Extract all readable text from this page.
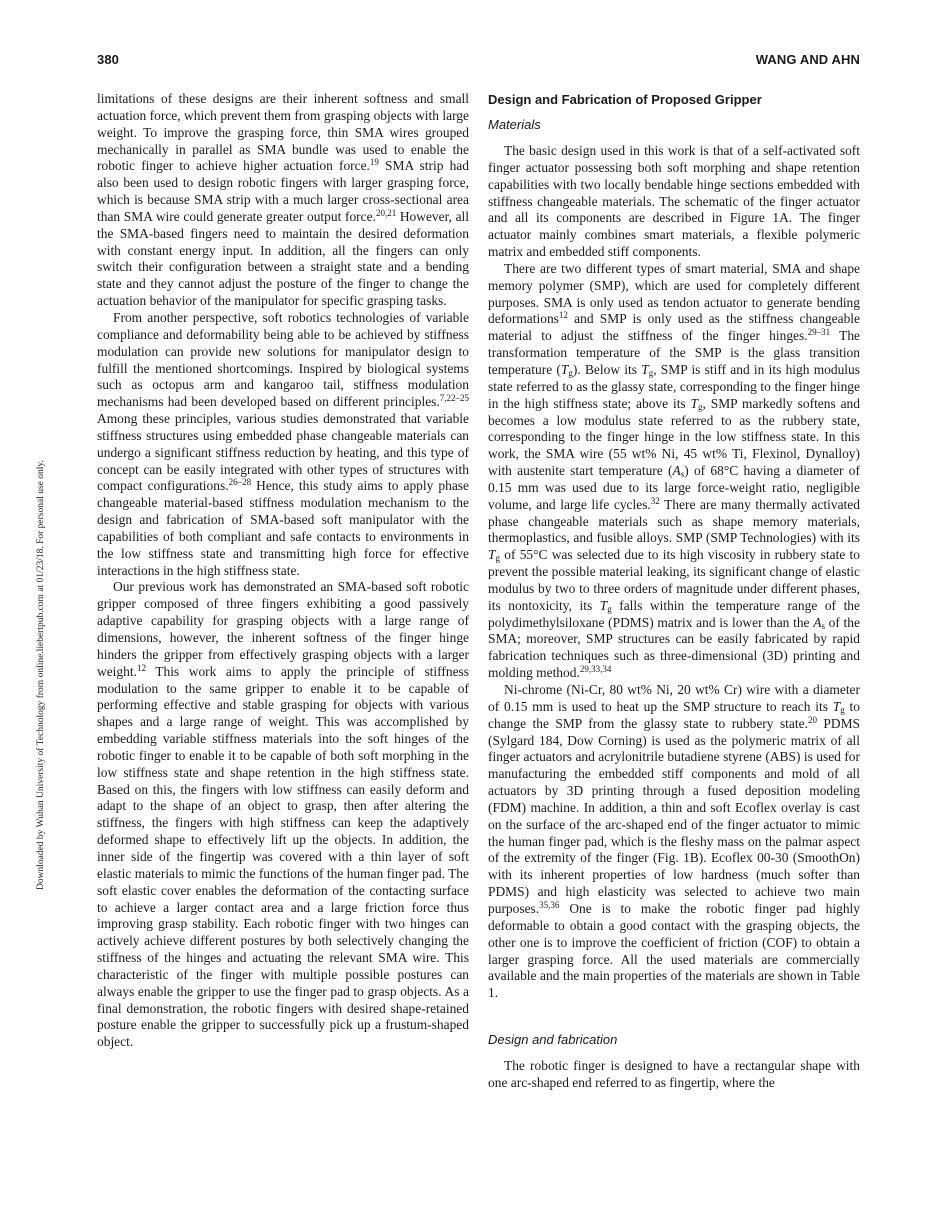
380	WANG AND AHN
Downloaded by Wuhan University of Technology from online.liebertpub.com at 01/23/18. For personal use only.

limitations of these designs are their inherent softness and small actuation force, which prevent them from grasping objects with large weight. To improve the grasping force, thin SMA wires grouped mechanically in parallel as SMA bundle was used to enable the robotic finger to achieve higher actuation force.$^{19}$ SMA strip had also been used to design robotic fingers with larger grasping force, which is because SMA strip with a much larger cross-sectional area than SMA wire could generate greater output force.$^{20,21}$ However, all the SMA-based fingers need to maintain the desired deformation with constant energy input. In addition, all the fingers can only switch their configuration between a straight state and a bending state and they cannot adjust the posture of the finger to change the actuation behavior of the manipulator for specific grasping tasks.

From another perspective, soft robotics technologies of variable compliance and deformability being able to be achieved by stiffness modulation can provide new solutions for manipulator design to fulfill the mentioned shortcomings. Inspired by biological systems such as octopus arm and kangaroo tail, stiffness modulation mechanisms had been developed based on different principles.$^{7,22-25}$ Among these principles, various studies demonstrated that variable stiffness structures using embedded phase changeable materials can undergo a significant stiffness reduction by heating, and this type of concept can be easily integrated with other types of structures with compact configurations.$^{26-28}$ Hence, this study aims to apply phase changeable material-based stiffness modulation mechanism to the design and fabrication of SMA-based soft manipulator with the capabilities of both compliant and safe contacts to environments in the low stiffness state and transmitting high force for effective interactions in the high stiffness state.

Our previous work has demonstrated an SMA-based soft robotic gripper composed of three fingers exhibiting a good passively adaptive capability for grasping objects with a large range of dimensions, however, the inherent softness of the finger hinge hinders the gripper from effectively grasping objects with a larger weight.$^{12}$ This work aims to apply the principle of stiffness modulation to the same gripper to enable it to be capable of performing effective and stable grasping for objects with various shapes and a large range of weight. This was accomplished by embedding variable stiffness materials into the soft hinges of the robotic finger to enable it to be capable of both soft morphing in the low stiffness state and shape retention in the high stiffness state. Based on this, the fingers with low stiffness can easily deform and adapt to the shape of an object to grasp, then after altering the stiffness, the fingers with high stiffness can keep the adaptively deformed shape to effectively lift up the objects. In addition, the inner side of the fingertip was covered with a thin layer of soft elastic materials to mimic the functions of the human finger pad. The soft elastic cover enables the deformation of the contacting surface to achieve a larger contact area and a large friction force thus improving grasp stability. Each robotic finger with two hinges can actively achieve different postures by both selectively changing the stiffness of the hinges and actuating the relevant SMA wire. This characteristic of the finger with multiple possible postures can always enable the gripper to use the finger pad to grasp objects. As a final demonstration, the robotic fingers with desired shape-retained posture enable the gripper to successfully pick up a frustum-shaped object.

Design and Fabrication of Proposed Gripper
Materials

The basic design used in this work is that of a self-activated soft finger actuator possessing both soft morphing and shape retention capabilities with two locally bendable hinge sections embedded with stiffness changeable materials. The schematic of the finger actuator and all its components are described in Figure 1A. The finger actuator mainly combines smart materials, a flexible polymeric matrix and embedded stiff components.

There are two different types of smart material, SMA and shape memory polymer (SMP), which are used for completely different purposes. SMA is only used as tendon actuator to generate bending deformations$^{12}$ and SMP is only used as the stiffness changeable material to adjust the stiffness of the finger hinges.$^{29-31}$ The transformation temperature of the SMP is the glass transition temperature $(T_g)$. Below its $T_g$, SMP is stiff and in its high modulus state referred to as the glassy state, corresponding to the finger hinge in the high stiffness state; above its $T_g$, SMP markedly softens and becomes a low modulus state referred to as the rubbery state, corresponding to the finger hinge in the low stiffness state. In this work, the SMA wire (55 wt% Ni, 45 wt% Ti, Flexinol, Dynalloy) with austenite start temperature $(A_s)$ of 68°C having a diameter of 0.15 mm was used due to its large force-weight ratio, negligible volume, and large life cycles.$^{32}$ There are many thermally activated phase changeable materials such as shape memory materials, thermoplastics, and fusible alloys. SMP (SMP Technologies) with its $T_g$ of 55°C was selected due to its high viscosity in rubbery state to prevent the possible material leaking, its significant change of elastic modulus by two to three orders of magnitude under different phases, its nontoxicity, its $T_g$ falls within the temperature range of the polydimethylsiloxane (PDMS) matrix and is lower than the $A_s$ of the SMA; moreover, SMP structures can be easily fabricated by rapid fabrication techniques such as three-dimensional (3D) printing and molding method.$^{29,33,34}$

Ni-chrome (Ni-Cr, 80 wt% Ni, 20 wt% Cr) wire with a diameter of 0.15 mm is used to heat up the SMP structure to reach its $T_g$ to change the SMP from the glassy state to rubbery state.$^{20}$ PDMS (Sylgard 184, Dow Corning) is used as the polymeric matrix of all finger actuators and acrylonitrile butadiene styrene (ABS) is used for manufacturing the embedded stiff components and mold of all actuators by 3D printing through a fused deposition modeling (FDM) machine. In addition, a thin and soft Ecoflex overlay is cast on the surface of the arc-shaped end of the finger actuator to mimic the human finger pad, which is the fleshy mass on the palmar aspect of the extremity of the finger (Fig. 1B). Ecoflex 00-30 (SmoothOn) with its inherent properties of low hardness (much softer than PDMS) and high elasticity was selected to achieve two main purposes.$^{35,36}$ One is to make the robotic finger pad highly deformable to obtain a good contact with the grasping objects, the other one is to improve the coefficient of friction (COF) to obtain a larger grasping force. All the used materials are commercially available and the main properties of the materials are shown in Table 1.

Design and fabrication

The robotic finger is designed to have a rectangular shape with one arc-shaped end referred to as fingertip, where the
